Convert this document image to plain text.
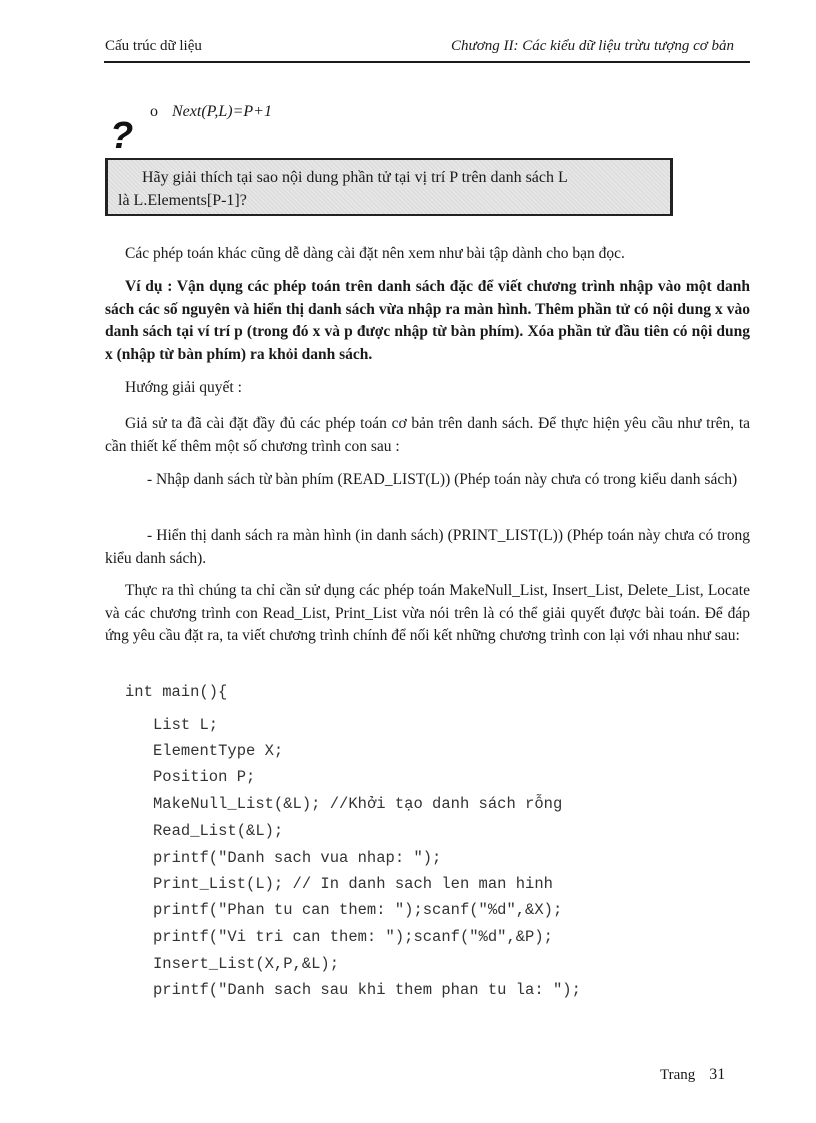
Cấu trúc dữ liệu	Chương II: Các kiểu dữ liệu trừu tượng cơ bản
o Next(P,L)=P+1
?
Hãy giải thích tại sao nội dung phần tử tại vị trí P trên danh sách L
là L.Elements[P-1]?
Các phép toán khác cũng dễ dàng cài đặt nên xem như bài tập dành cho bạn đọc.
Ví dụ : Vận dụng các phép toán trên danh sách đặc để viết chương trình nhập vào một danh sách các số nguyên và hiển thị danh sách vừa nhập ra màn hình. Thêm phần tử có nội dung x vào danh sách tại ví trí p (trong đó x và p được nhập từ bàn phím). Xóa phần tử đầu tiên có nội dung x (nhập từ bàn phím) ra khỏi danh sách.
Hướng giải quyết :
Giả sử ta đã cài đặt đầy đủ các phép toán cơ bản trên danh sách. Để thực hiện yêu cầu như trên, ta cần thiết kế thêm một số chương trình con sau :
- Nhập danh sách từ bàn phím (READ_LIST(L)) (Phép toán này chưa có trong kiểu danh sách)
- Hiển thị danh sách ra màn hình (in danh sách) (PRINT_LIST(L)) (Phép toán này chưa có trong kiểu danh sách).
Thực ra thì chúng ta chỉ cần sử dụng các phép toán MakeNull_List, Insert_List, Delete_List, Locate và các chương trình con Read_List, Print_List vừa nói trên là có thể giải quyết được bài toán. Để đáp ứng yêu cầu đặt ra, ta viết chương trình chính để nối kết những chương trình con lại với nhau như sau:
int main(){
List L;
ElementType X;
Position P;
MakeNull_List(&L); //Khởi tạo danh sách rỗng
Read_List(&L);
printf("Danh sach vua nhap: ");
Print_List(L); // In danh sach len man hinh
printf("Phan tu can them: ");scanf("%d",&X);
printf("Vi tri can them: ");scanf("%d",&P);
Insert_List(X,P,&L);
printf("Danh sach sau khi them phan tu la: ");
Trang 31
